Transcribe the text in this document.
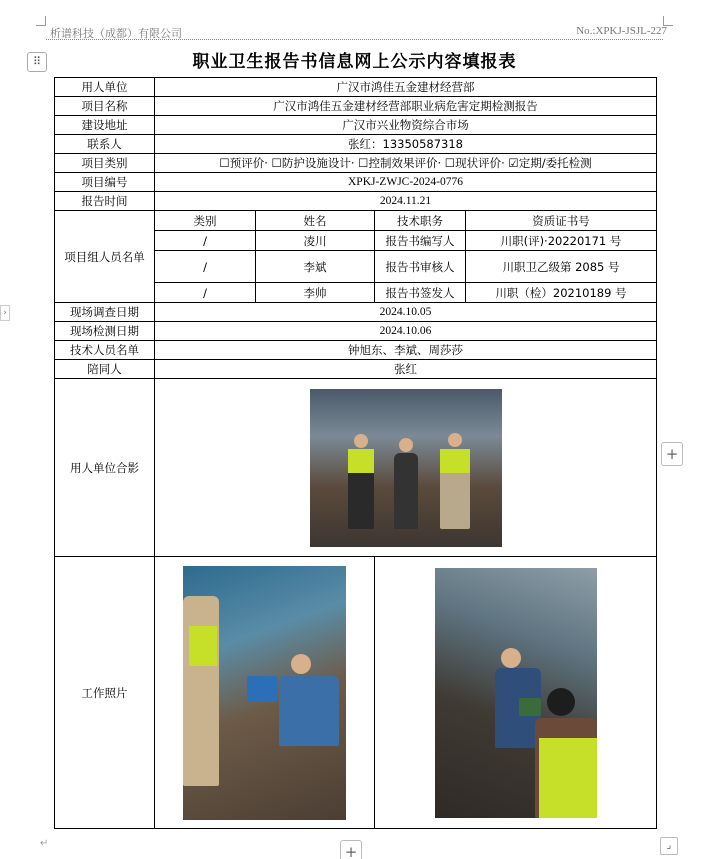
析谱科技（成都）有限公司	No.:XPKJ-JSJL-227
⠿	职业卫生报告书信息网上公示内容填报表
用人单位	广汉市鸿佳五金建材经营部			
项目名称	广汉市鸿佳五金建材经营部职业病危害定期检测报告			
建设地址	广汉市兴业物资综合市场			
联系人	张红：13350587318			
项目类别	☐预评价· ☐防护设施设计· ☐控制效果评价· ☐现状评价· ☑定期/委托检测			
项目编号	XPKJ-ZWJC-2024-0776			
报告时间	2024.11.21			
项目组人员名单	类别	姓名	技术职务	资质证书号
	/	凌川	报告书编写人	川职(评)·20220171 号
	/	李斌	报告书审核人	川职卫乙级第 2085 号
	/	李帅	报告书签发人	川职（检）20210189 号
现场调查日期	2024.10.05			
现场检测日期	2024.10.06			
技术人员名单	钟旭东、李斌、周莎莎			
陪同人	张红			
用人单位合影				

工作照片			

+
+
›
↵	⌟
